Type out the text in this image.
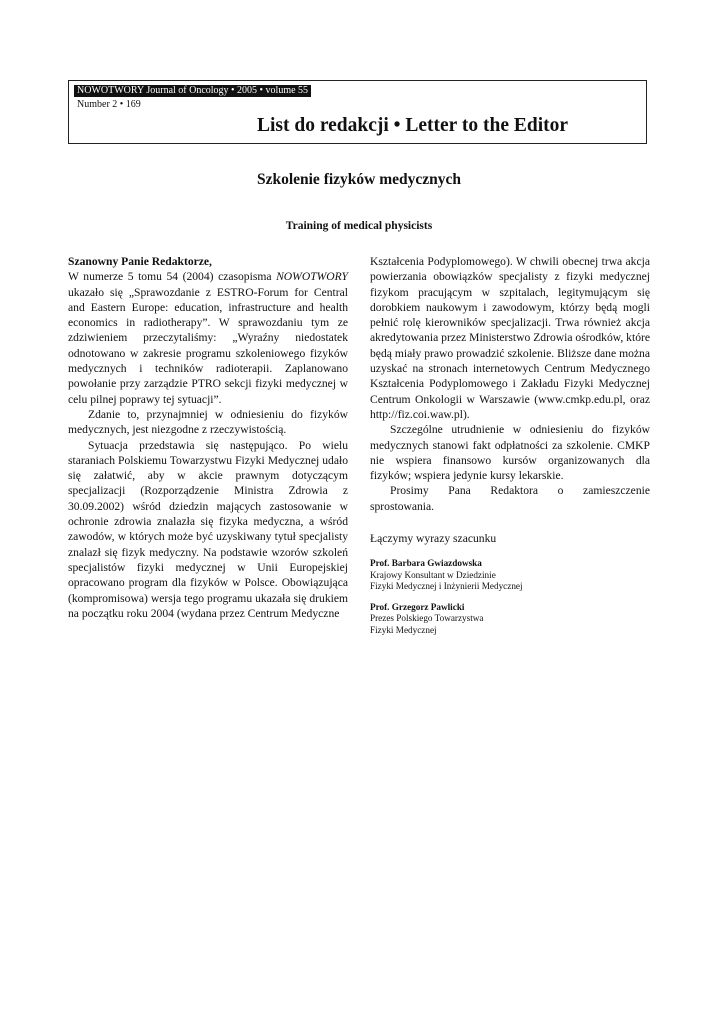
NOWOTWORY Journal of Oncology • 2005 • volume 55
Number 2 • 169
List do redakcji • Letter to the Editor
Szkolenie fizyków medycznych
Training of medical physicists

Szanowny Panie Redaktorze,

W numerze 5 tomu 54 (2004) czasopisma NOWOTWORY ukazało się „Sprawozdanie z ESTRO-Forum for Central and Eastern Europe: education, infrastructure and health economics in radiotherapy”. W sprawozdaniu tym ze zdziwieniem przeczytaliśmy: „Wyraźny niedostatek odnotowano w zakresie programu szkoleniowego fizyków medycznych i techników radioterapii. Zaplanowano powołanie przy zarządzie PTRO sekcji fizyki medycznej w celu pilnej poprawy tej sytuacji”.

Zdanie to, przynajmniej w odniesieniu do fizyków medycznych, jest niezgodne z rzeczywistością.

Sytuacja przedstawia się następująco. Po wielu staraniach Polskiemu Towarzystwu Fizyki Medycznej udało się załatwić, aby w akcie prawnym dotyczącym specjalizacji (Rozporządzenie Ministra Zdrowia z 30.09.2002) wśród dziedzin mających zastosowanie w ochronie zdrowia znalazła się fizyka medyczna, a wśród zawodów, w których może być uzyskiwany tytuł specjalisty znalazł się fizyk medyczny. Na podstawie wzorów szkoleń specjalistów fizyki medycznej w Unii Europejskiej opracowano program dla fizyków w Polsce. Obowiązująca (kompromisowa) wersja tego programu ukazała się drukiem na początku roku 2004 (wydana przez Centrum Medyczne

Kształcenia Podyplomowego). W chwili obecnej trwa akcja powierzania obowiązków specjalisty z fizyki medycznej fizykom pracującym w szpitalach, legitymującym się dorobkiem naukowym i zawodowym, którzy będą mogli pełnić rolę kierowników specjalizacji. Trwa również akcja akredytowania przez Ministerstwo Zdrowia ośrodków, które będą miały prawo prowadzić szkolenie. Bliższe dane można uzyskać na stronach internetowych Centrum Medycznego Kształcenia Podyplomowego i Zakładu Fizyki Medycznej Centrum Onkologii w Warszawie (www.cmkp.edu.pl, oraz http://fiz.coi.waw.pl).

Szczególne utrudnienie w odniesieniu do fizyków medycznych stanowi fakt odpłatności za szkolenie. CMKP nie wspiera finansowo kursów organizowanych dla fizyków; wspiera jedynie kursy lekarskie.

Prosimy Pana Redaktora o zamieszczenie sprostowania.

Łączymy wyrazy szacunku

Prof. Barbara Gwiazdowska
Krajowy Konsultant w Dziedzinie
Fizyki Medycznej i Inżynierii Medycznej
Prof. Grzegorz Pawlicki
Prezes Polskiego Towarzystwa
Fizyki Medycznej
